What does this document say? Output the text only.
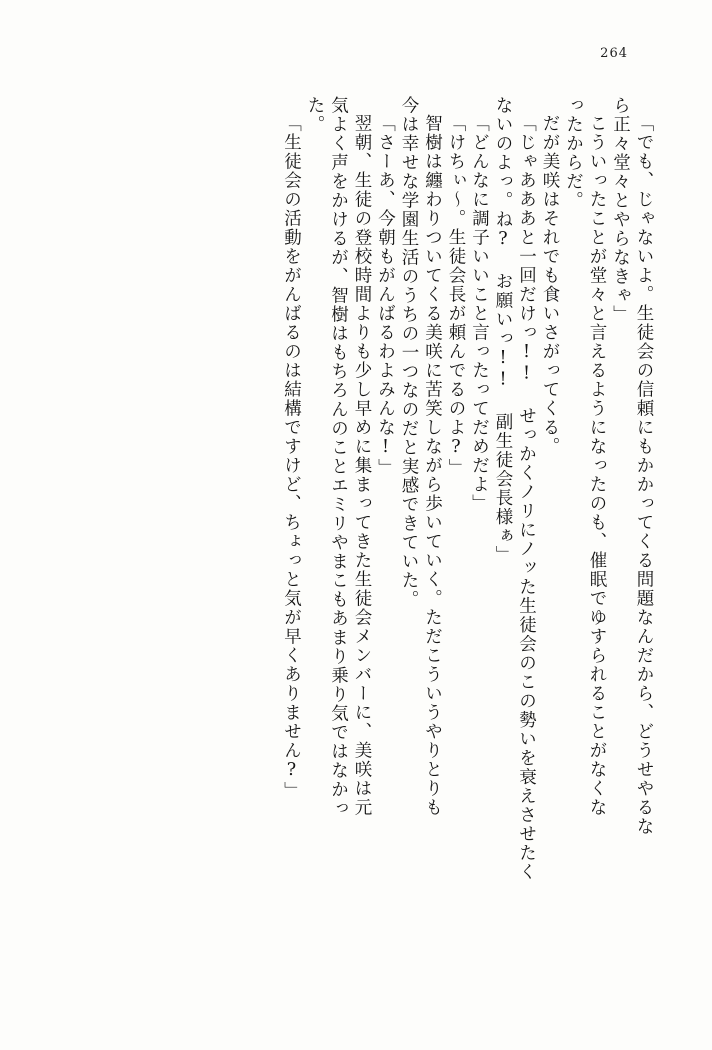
264
「でも、じゃないよ。生徒会の信頼にもかかってくる問題なんだから、どうせやるな
ら正々堂々とやらなきゃ」
こういったことが堂々と言えるようになったのも、催眠でゆすられることがなくな
ったからだ。
だが美咲はそれでも食いさがってくる。
「じゃあああと一回だけっ!! せっかくノリにノッた生徒会のこの勢いを衰えさせたく
ないのよっ。ね? お願いっ!! 副生徒会長様ぁ」
「どんなに調子いいこと言ったってだめだよ」
「けちぃ〜。生徒会長が頼んでるのよ?」
智樹は纏わりついてくる美咲に苦笑しながら歩いていく。ただこういうやりとりも
今は幸せな学園生活のうちの一つなのだと実感できていた。
「さーあ、今朝もがんばるわよみんな!」
翌朝、生徒の登校時間よりも少し早めに集まってきた生徒会メンバーに、美咲は元
気よく声をかけるが、智樹はもちろんのことエミリやまこもあまり乗り気ではなかっ
た。
「生徒会の活動をがんばるのは結構ですけど、ちょっと気が早くありません?」
